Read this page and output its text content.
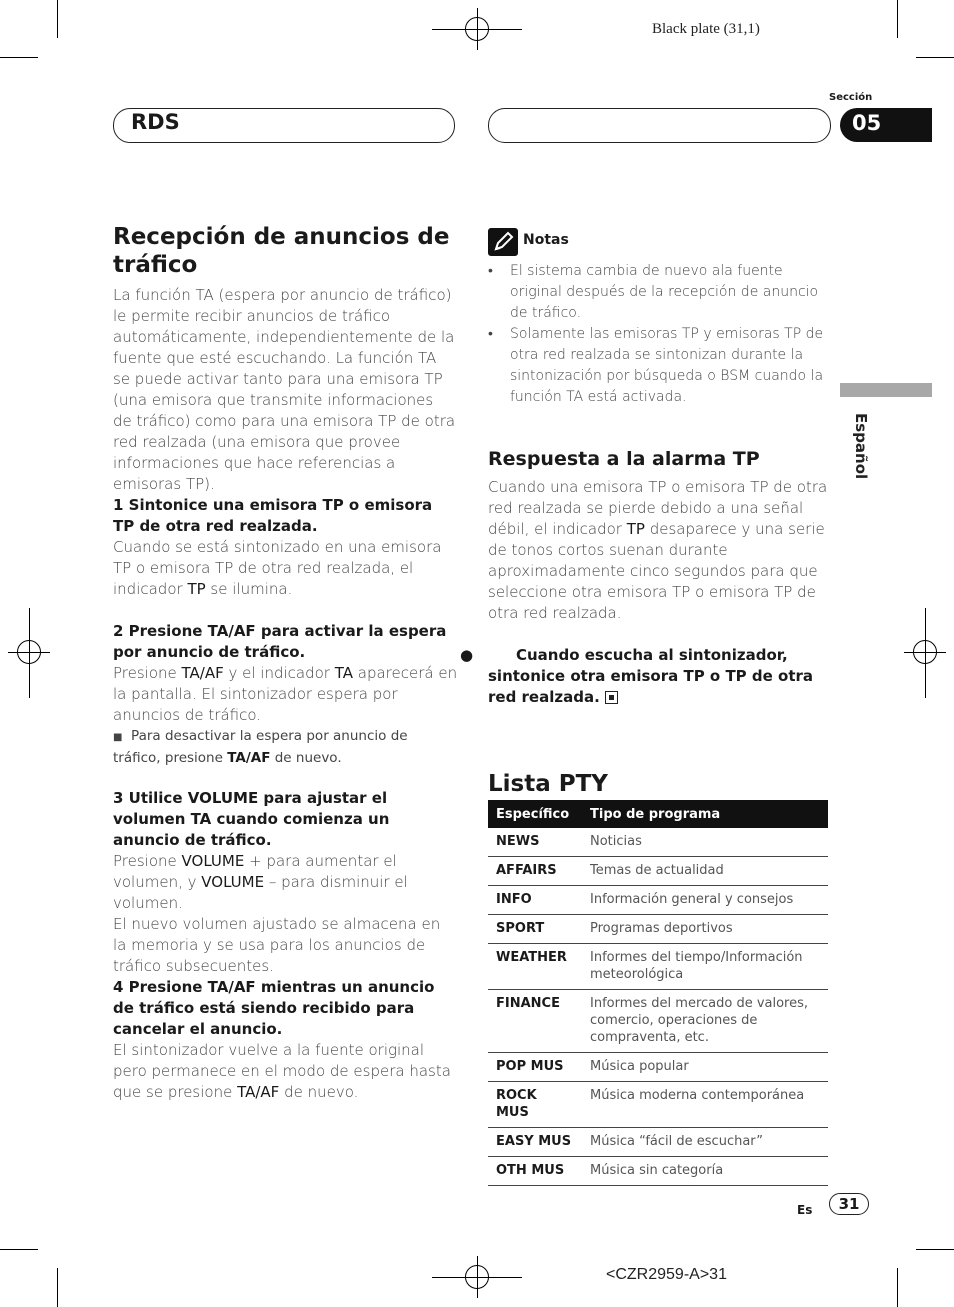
Black plate (31,1)
RDS
Sección
05
Español
Recepción de anuncios de tráfico
La función TA (espera por anuncio de tráfico) le permite recibir anuncios de tráfico automáticamente, independientemente de la fuente que esté escuchando. La función TA se puede activar tanto para una emisora TP (una emisora que transmite informaciones de tráfico) como para una emisora TP de otra red realzada (una emisora que provee informaciones que hace referencias a emisoras TP).
1 Sintonice una emisora TP o emisora TP de otra red realzada.
Cuando se está sintonizado en una emisora TP o emisora TP de otra red realzada, el indicador TP se ilumina.
2 Presione TA/AF para activar la espera por anuncio de tráfico.
Presione TA/AF y el indicador TA aparecerá en la pantalla. El sintonizador espera por anuncios de tráfico.
■ Para desactivar la espera por anuncio de tráfico, presione TA/AF de nuevo.
3 Utilice VOLUME para ajustar el volumen TA cuando comienza un anuncio de tráfico.
Presione VOLUME + para aumentar el volumen, y VOLUME – para disminuir el volumen.
El nuevo volumen ajustado se almacena en la memoria y se usa para los anuncios de tráfico subsecuentes.
4 Presione TA/AF mientras un anuncio de tráfico está siendo recibido para cancelar el anuncio.
El sintonizador vuelve a la fuente original pero permanece en el modo de espera hasta que se presione TA/AF de nuevo.
Notas
• El sistema cambia de nuevo ala fuente original después de la recepción de anuncio de tráfico.
• Solamente las emisoras TP y emisoras TP de otra red realzada se sintonizan durante la sintonización por búsqueda o BSM cuando la función TA está activada.
Respuesta a la alarma TP
Cuando una emisora TP o emisora TP de otra red realzada se pierde debido a una señal débil, el indicador TP desaparece y una serie de tonos cortos suenan durante aproximadamente cinco segundos para que seleccione otra emisora TP o emisora TP de otra red realzada.
●	Cuando escucha al sintonizador, sintonice otra emisora TP o TP de otra red realzada.
Lista PTY
Específico	Tipo de programa
NEWS	Noticias
AFFAIRS	Temas de actualidad
INFO	Información general y consejos
SPORT	Programas deportivos
WEATHER	Informes del tiempo/Información meteorológica
FINANCE	Informes del mercado de valores, comercio, operaciones de compraventa, etc.
POP MUS	Música popular
ROCK MUS	Música moderna contemporánea
EASY MUS	Música “fácil de escuchar”
OTH MUS	Música sin categoría
Es	31
<CZR2959-A>31
